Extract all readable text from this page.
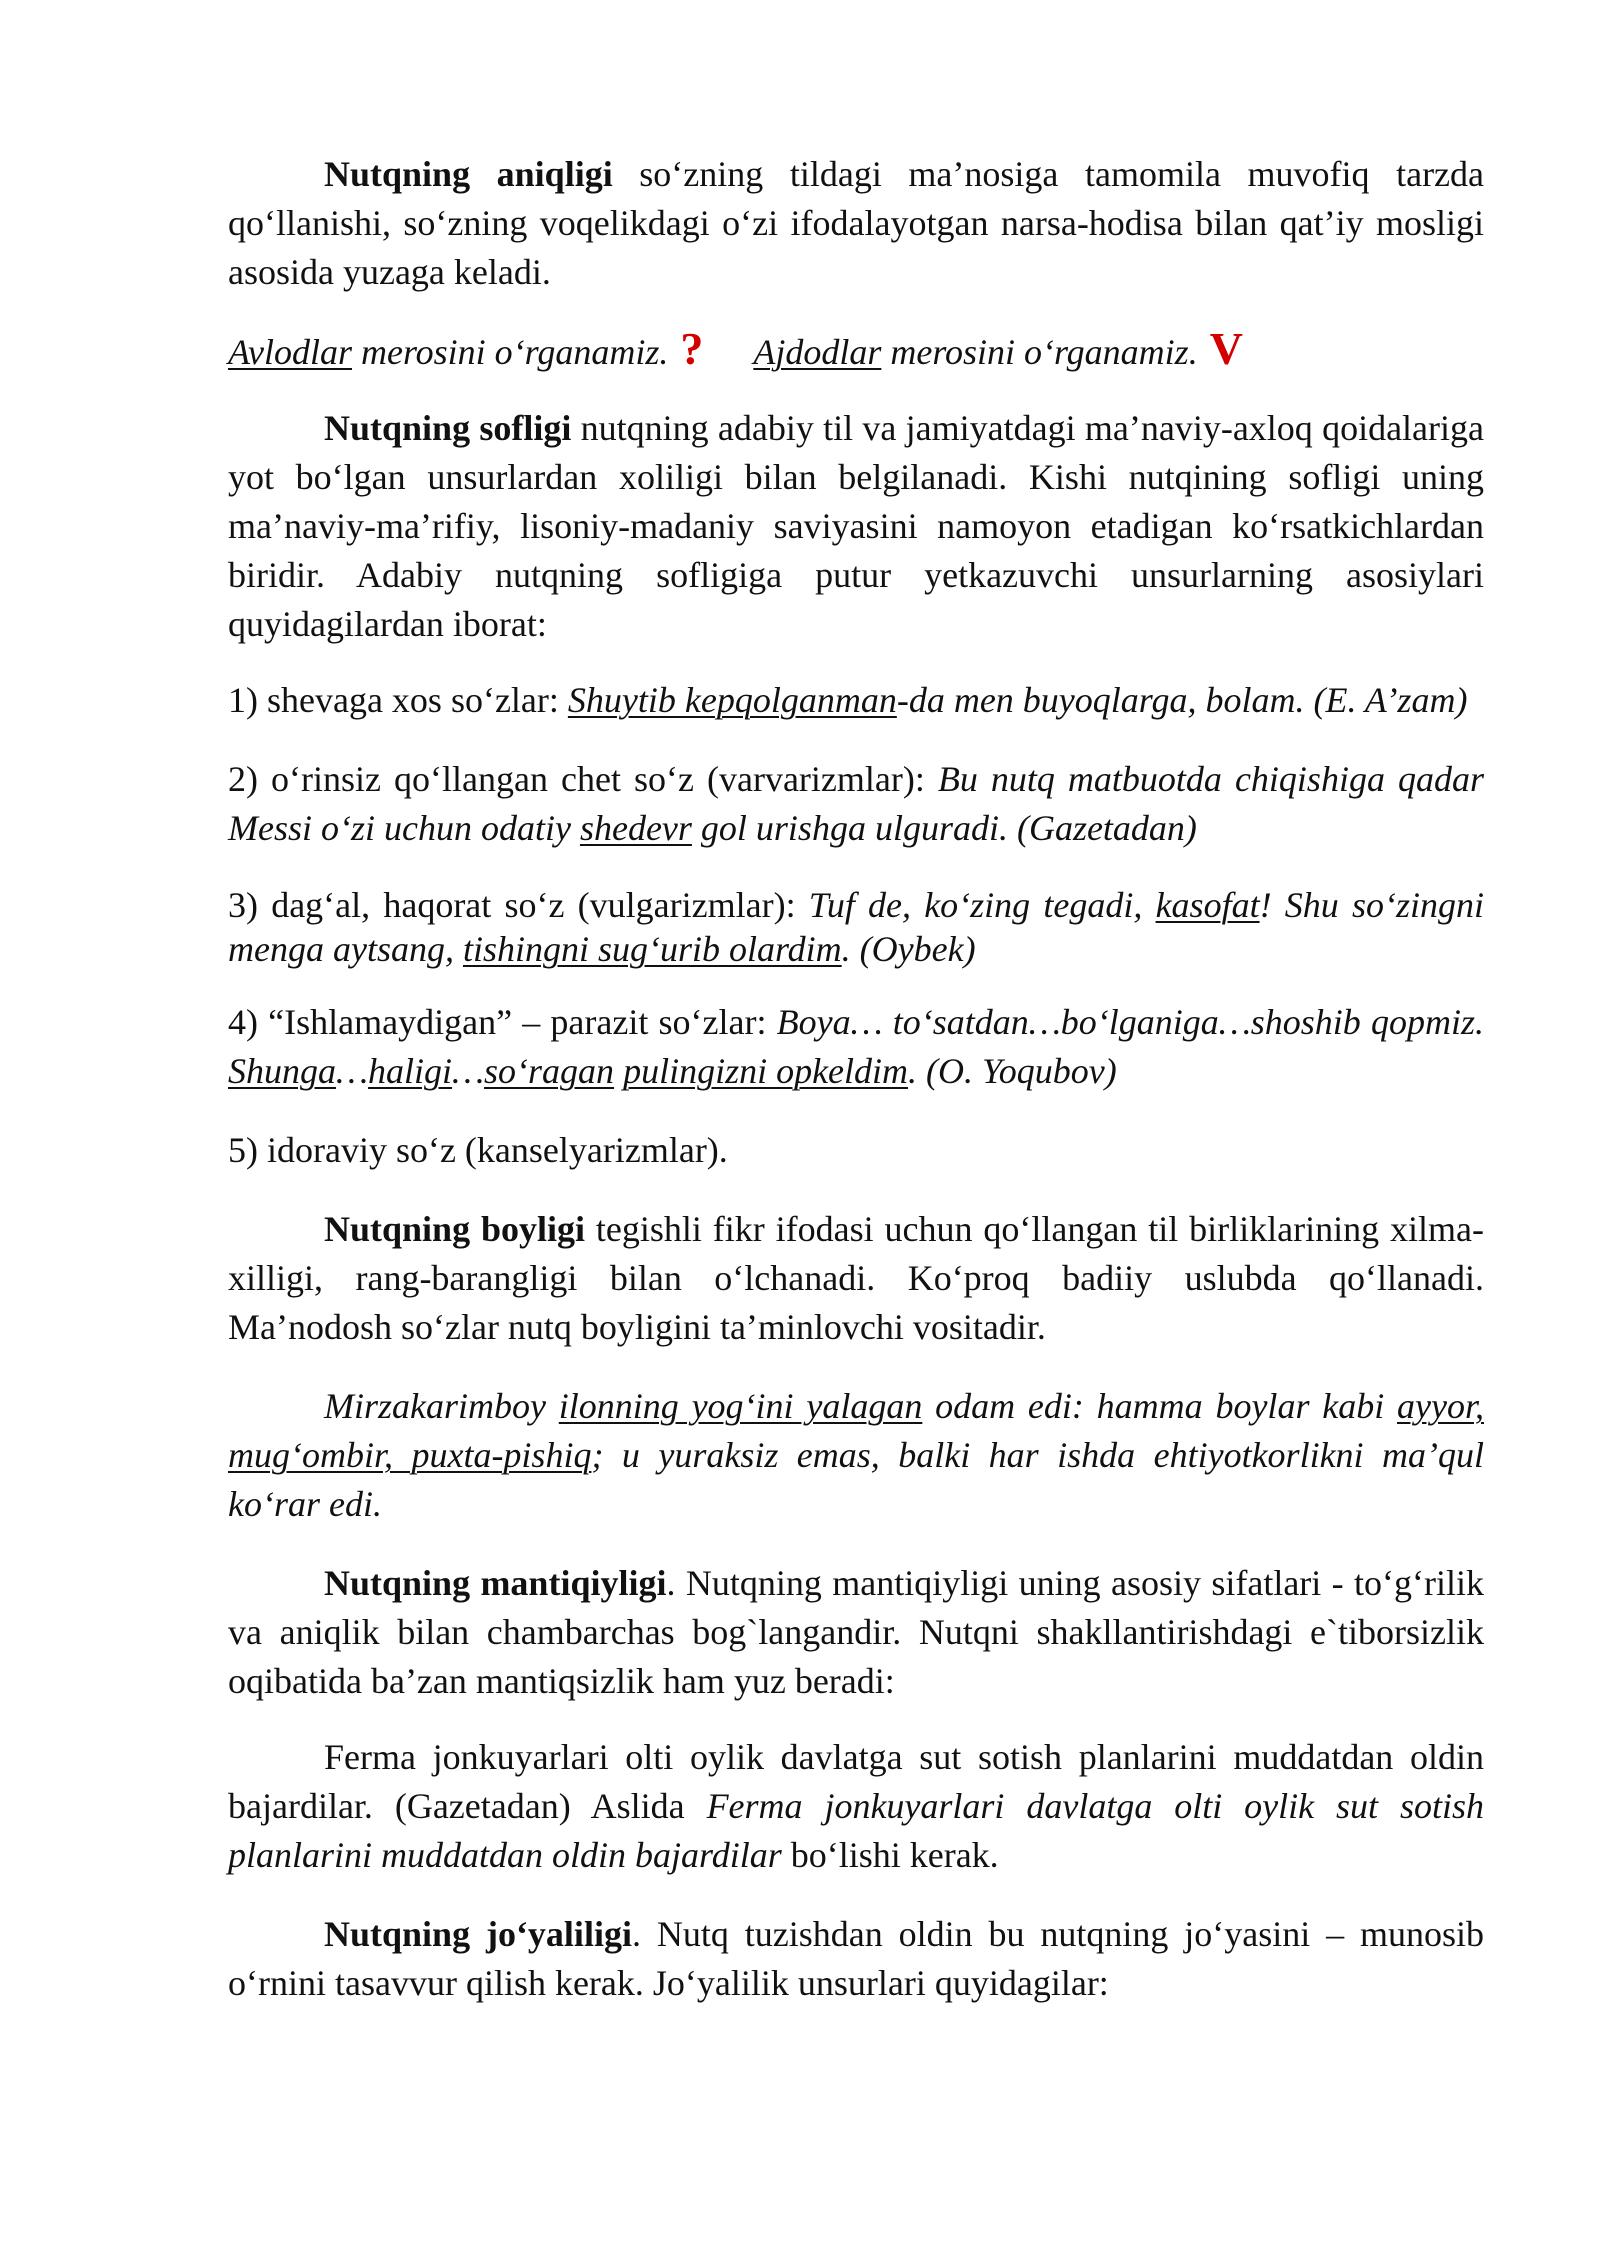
Nutqning aniqligi so‘zning tildagi ma’nosiga tamomila muvofiq tarzda qo‘llanishi, so‘zning voqelikdagi o‘zi ifodalayotgan narsa-hodisa bilan qat’iy mosligi asosida yuzaga keladi.

Avlodlar merosini o‘rganamiz. ? Ajdodlar merosini o‘rganamiz. V

Nutqning sofligi nutqning adabiy til va jamiyatdagi ma’naviy-axloq qoidalariga yot bo‘lgan unsurlardan xoliligi bilan belgilanadi. Kishi nutqining sofligi uning ma’naviy-ma’rifiy, lisoniy-madaniy saviyasini namoyon etadigan ko‘rsatkichlardan biridir. Adabiy nutqning sofligiga putur yetkazuvchi unsurlarning asosiylari quyidagilardan iborat:

1) shevaga xos so‘zlar: Shuytib kepqolganman-da men buyoqlarga, bolam. (E. A’zam)

2) o‘rinsiz qo‘llangan chet so‘z (varvarizmlar): Bu nutq matbuotda chiqishiga qadar Messi o‘zi uchun odatiy shedevr gol urishga ulguradi. (Gazetadan)

3) dag‘al, haqorat so‘z (vulgarizmlar): Tuf de, ko‘zing tegadi, kasofat! Shu so‘zingni menga aytsang, tishingni sug‘urib olardim. (Oybek)

4) “Ishlamaydigan” – parazit so‘zlar: Boya… to‘satdan…bo‘lganiga…shoshib qopmiz. Shunga…haligi…so‘ragan pulingizni opkeldim. (O. Yoqubov)

5) idoraviy so‘z (kanselyarizmlar).

Nutqning boyligi tegishli fikr ifodasi uchun qo‘llangan til birliklarining xilma-xilligi, rang-barangligi bilan o‘lchanadi. Ko‘proq badiiy uslubda qo‘llanadi. Ma’nodosh so‘zlar nutq boyligini ta’minlovchi vositadir.

Mirzakarimboy ilonning yog‘ini yalagan odam edi: hamma boylar kabi ayyor, mug‘ombir, puxta-pishiq; u yuraksiz emas, balki har ishda ehtiyotkorlikni ma’qul ko‘rar edi.

Nutqning mantiqiyligi. Nutqning mantiqiyligi uning asosiy sifatlari - to‘g‘rilik va aniqlik bilan chambarchas bog`langandir. Nutqni shakllantirishdagi e`tiborsizlik oqibatida ba’zan mantiqsizlik ham yuz beradi:

Ferma jonkuyarlari olti oylik davlatga sut sotish planlarini muddatdan oldin bajardilar. (Gazetadan) Aslida Ferma jonkuyarlari davlatga olti oylik sut sotish planlarini muddatdan oldin bajardilar bo‘lishi kerak.

Nutqning jo‘yaliligi. Nutq tuzishdan oldin bu nutqning jo‘yasini – munosib o‘rnini tasavvur qilish kerak. Jo‘yalilik unsurlari quyidagilar:
